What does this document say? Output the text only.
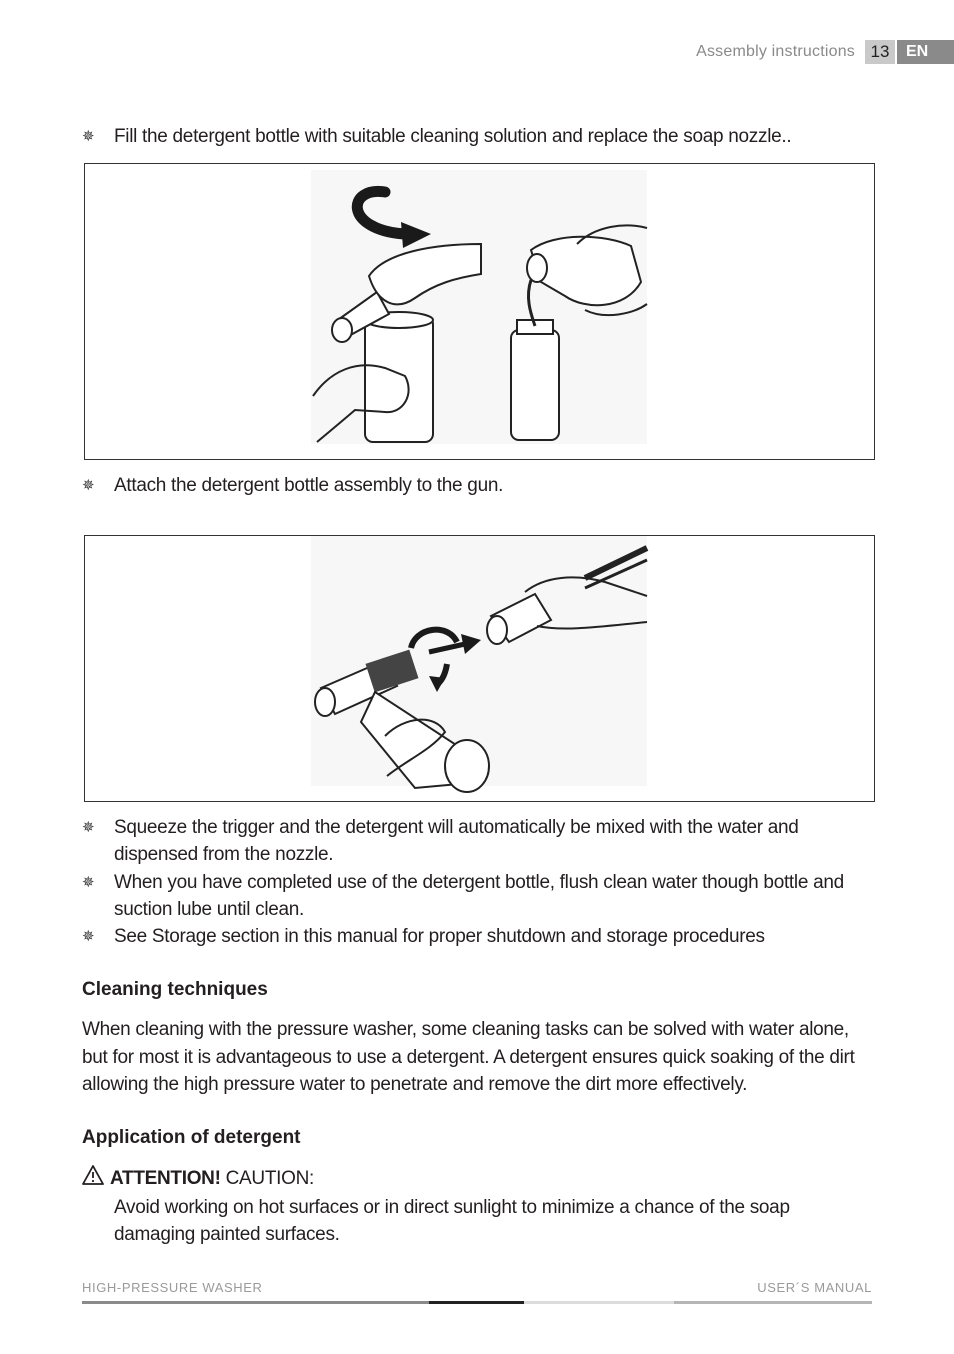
Assembly instructions 13	EN
✵	Fill the detergent bottle with suitable cleaning solution and replace the soap nozzle..
✵	Attach the detergent bottle assembly to the gun.
✵	Squeeze the trigger and the detergent will automatically be mixed with the water and dispensed from the nozzle.
✵	When you have completed use of the detergent bottle, flush clean water though bottle and suction lube until clean.
✵	See Storage section in this manual for proper shutdown and storage procedures
Cleaning techniques
When cleaning with the pressure washer, some cleaning tasks can be solved with water alone, but for most it is advantageous to use a detergent. A detergent ensures quick soaking of the dirt allowing the high pressure water to penetrate and remove the dirt more effectively.
Application of detergent
ATTENTION! CAUTION:
Avoid working on hot surfaces or in direct sunlight to minimize a chance of the soap damaging painted surfaces.
HIGH-PRESSURE WASHER	USER´S MANUAL
